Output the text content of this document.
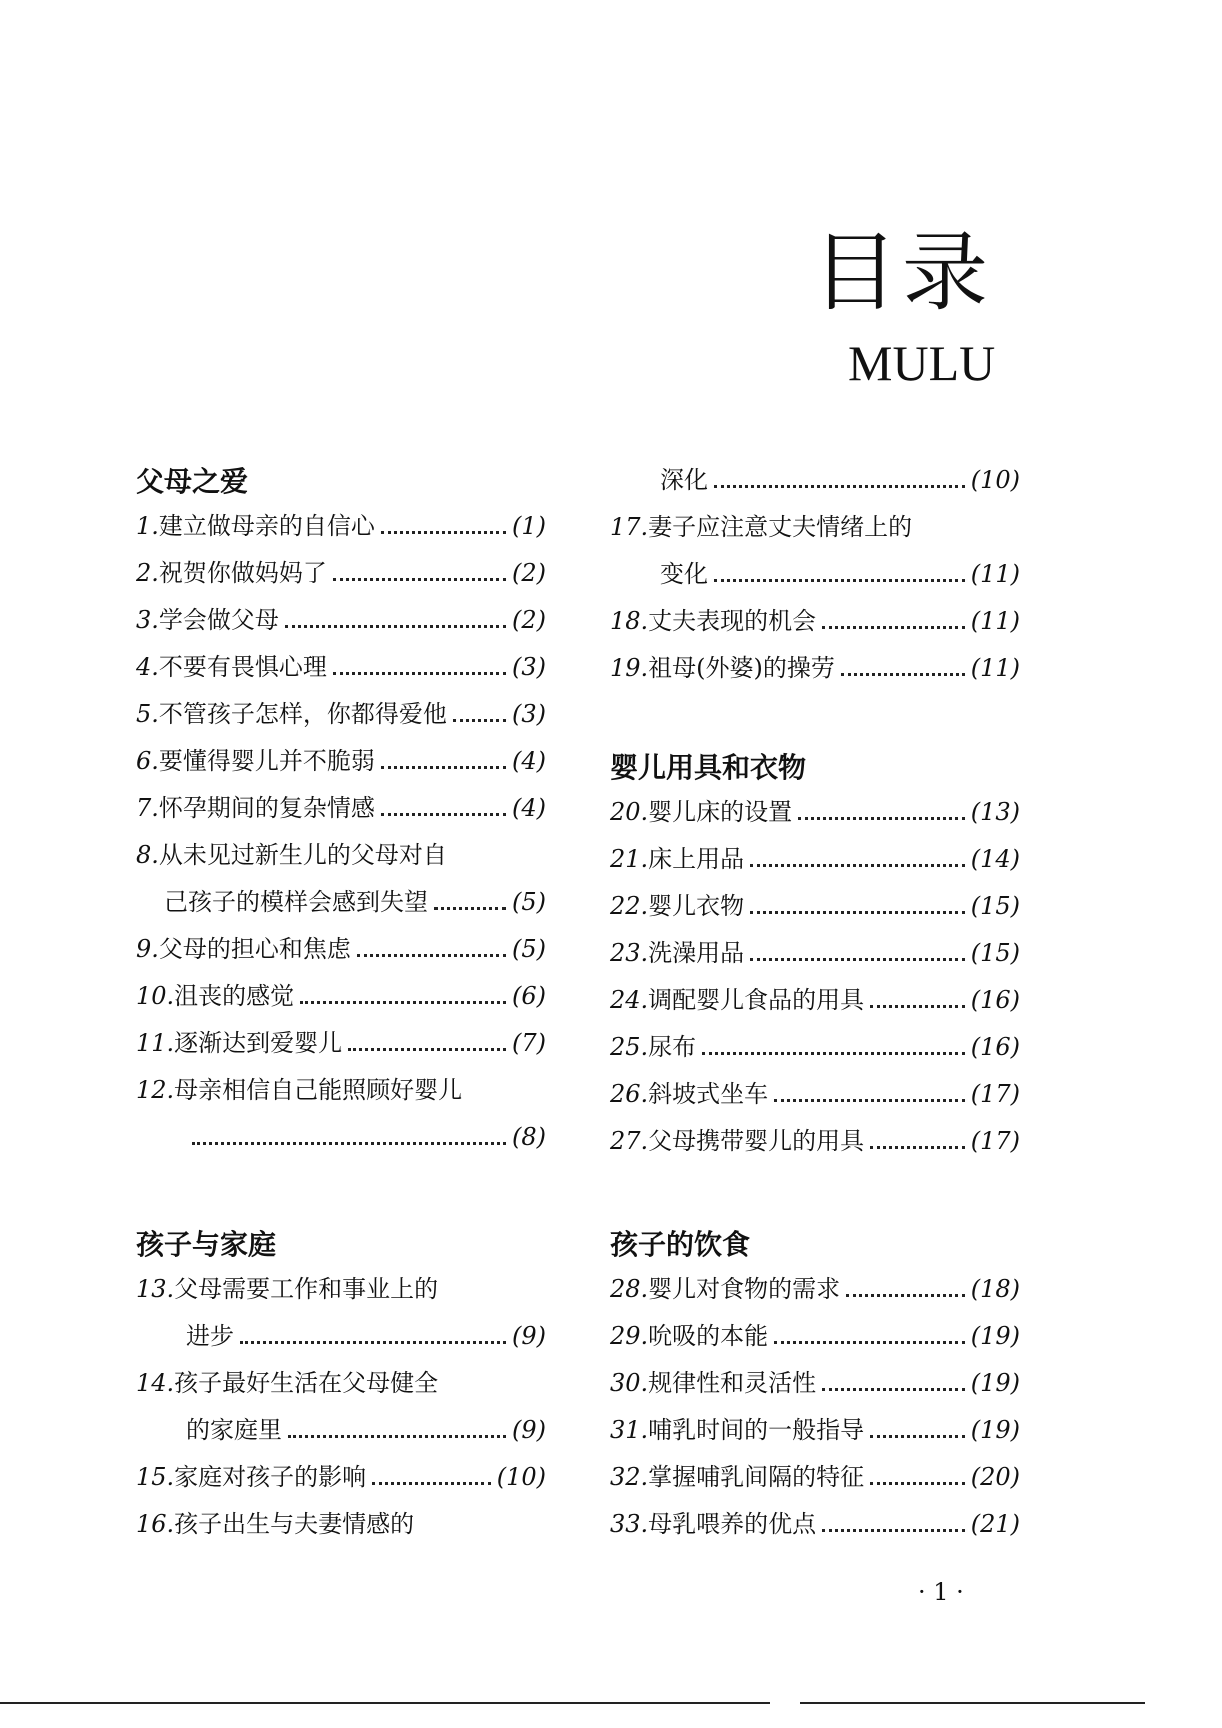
目录
MULU
父母之爱
1. 建立做母亲的自信心	(1)
2. 祝贺你做妈妈了	(2)
3. 学会做父母	(2)
4. 不要有畏惧心理	(3)
5. 不管孩子怎样，你都得爱他	(3)
6. 要懂得婴儿并不脆弱	(4)
7. 怀孕期间的复杂情感	(4)
8. 从未见过新生儿的父母对自
己孩子的模样会感到失望	(5)
9. 父母的担心和焦虑	(5)
10. 沮丧的感觉	(6)
11. 逐渐达到爱婴儿	(7)
12. 母亲相信自己能照顾好婴儿
(8)
孩子与家庭
13. 父母需要工作和事业上的
进步	(9)
14. 孩子最好生活在父母健全
的家庭里	(9)
15. 家庭对孩子的影响	(10)
16. 孩子出生与夫妻情感的
深化	(10)
17. 妻子应注意丈夫情绪上的
变化	(11)
18. 丈夫表现的机会	(11)
19. 祖母(外婆)的操劳	(11)
婴儿用具和衣物
20. 婴儿床的设置	(13)
21. 床上用品	(14)
22. 婴儿衣物	(15)
23. 洗澡用品	(15)
24. 调配婴儿食品的用具	(16)
25. 尿布	(16)
26. 斜坡式坐车	(17)
27. 父母携带婴儿的用具	(17)
孩子的饮食
28. 婴儿对食物的需求	(18)
29. 吮吸的本能	(19)
30. 规律性和灵活性	(19)
31. 哺乳时间的一般指导	(19)
32. 掌握哺乳间隔的特征	(20)
33. 母乳喂养的优点	(21)
· 1 ·
